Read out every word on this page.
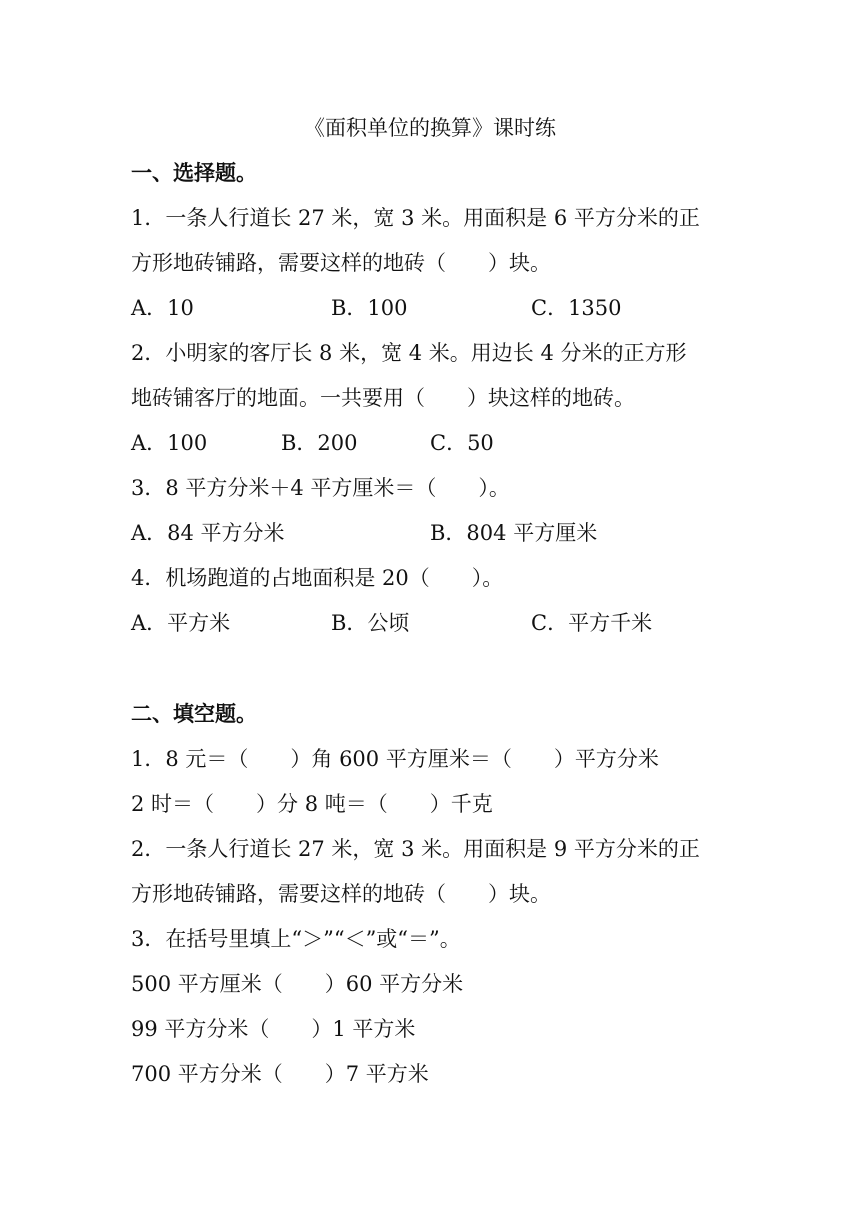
《面积单位的换算》课时练
一、选择题。
1．一条人行道长 27 米，宽 3 米。用面积是 6 平方分米的正
方形地砖铺路，需要这样的地砖（　　）块。
A．10	B．100	C．1350
2．小明家的客厅长 8 米，宽 4 米。用边长 4 分米的正方形
地砖铺客厅的地面。一共要用（　　）块这样的地砖。
A．100	B．200	C．50
3．8 平方分米＋4 平方厘米＝（　　）。
A．84 平方分米	B．804 平方厘米
4．机场跑道的占地面积是 20（　　）。
A．平方米	B．公顷	C．平方千米
二、填空题。
1．8 元＝（　　）角 600 平方厘米＝（　　）平方分米
2 时＝（　　）分 8 吨＝（　　）千克
2．一条人行道长 27 米，宽 3 米。用面积是 9 平方分米的正
方形地砖铺路，需要这样的地砖（　　）块。
3．在括号里填上“＞”“＜”或“＝”。
500 平方厘米（　　）60 平方分米
99 平方分米（　　）1 平方米
700 平方分米（　　）7 平方米
